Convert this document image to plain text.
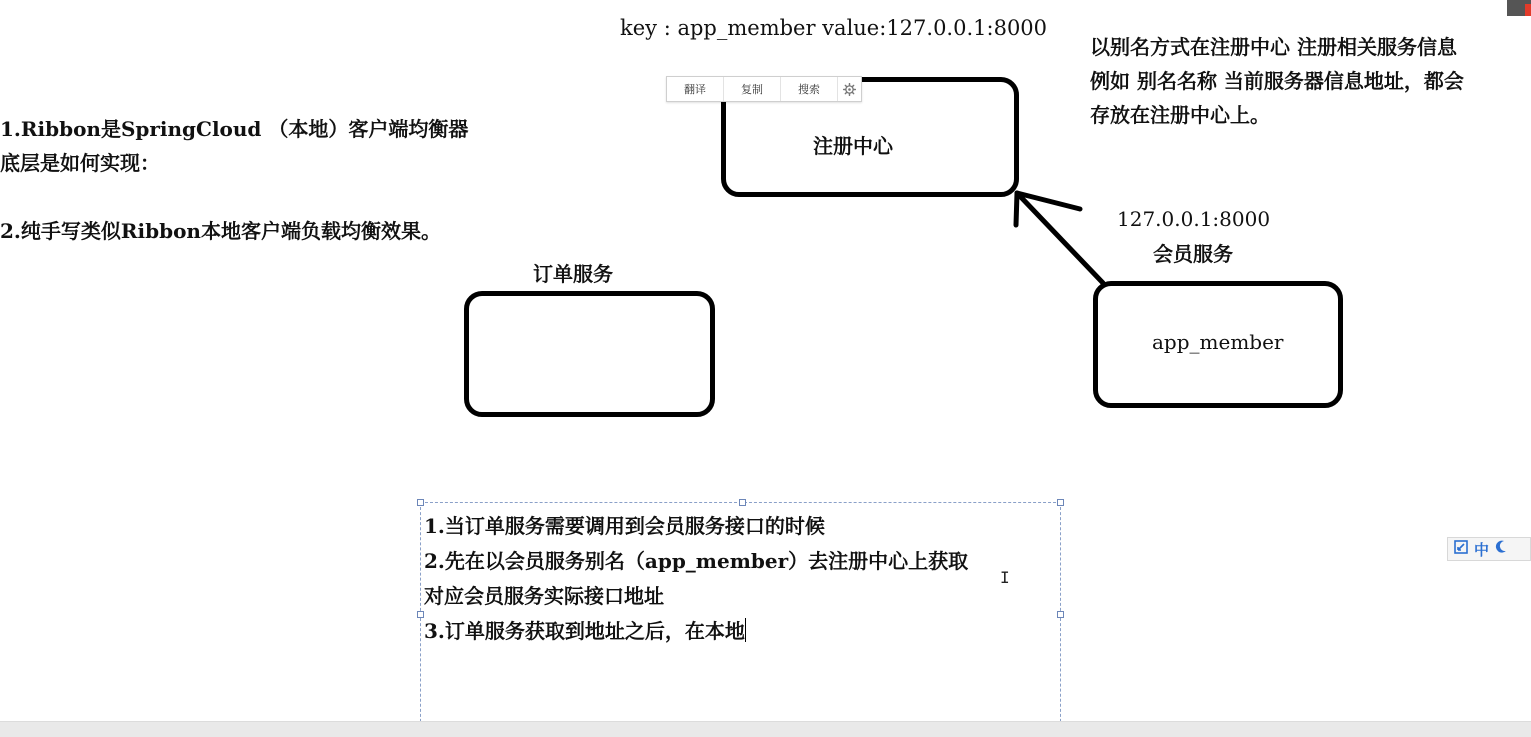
key : app_member value:127.0.0.1:8000
1.Ribbon是SpringCloud （本地）客户端均衡器
底层是如何实现：
2.纯手写类似Ribbon本地客户端负载均衡效果。
以别名方式在注册中心 注册相关服务信息
例如 别名名称 当前服务器信息地址，都会
存放在注册中心上。
注册中心
翻译	复制	搜索
订单服务
127.0.0.1:8000
会员服务
app_member
1.当订单服务需要调用到会员服务接口的时候
2.先在以会员服务别名（app_member）去注册中心上获取
对应会员服务实际接口地址
3.订单服务获取到地址之后，在本地
I
中
